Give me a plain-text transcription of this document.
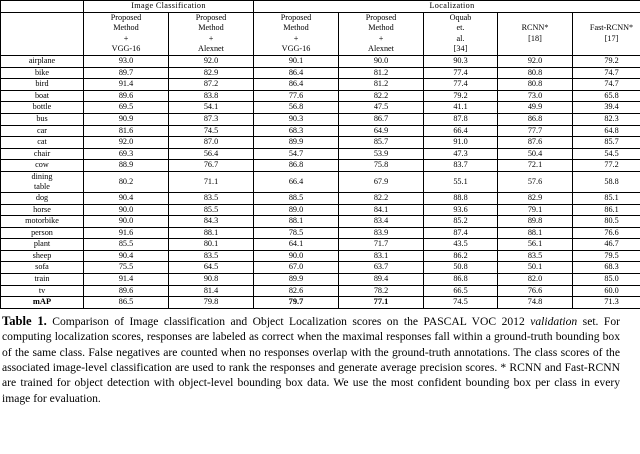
	Image Classification		Localization				

	Proposed
Method
+
VGG-16	Proposed
Method
+
Alexnet	Proposed
Method
+
VGG-16	Proposed
Method
+
Alexnet	Oquab
et.
al.
[34]	RCNN*
[18]	Fast-RCNN*
[17]

airplane	93.0	92.0	90.1	90.0	90.3	92.0	79.2
bike	89.7	82.9	86.4	81.2	77.4	80.8	74.7
bird	91.4	87.2	86.4	81.2	77.4	80.8	74.7
boat	89.6	83.8	77.6	82.2	79.2	73.0	65.8
bottle	69.5	54.1	56.8	47.5	41.1	49.9	39.4
bus	90.9	87.3	90.3	86.7	87.8	86.8	82.3
car	81.6	74.5	68.3	64.9	66.4	77.7	64.8
cat	92.0	87.0	89.9	85.7	91.0	87.6	85.7
chair	69.3	56.4	54.7	53.9	47.3	50.4	54.5
cow	88.9	76.7	86.8	75.8	83.7	72.1	77.2

dining
table	80.2	71.1	66.4	67.9	55.1	57.6	58.8
dog	90.4	83.5	88.5	82.2	88.8	82.9	85.1
horse	90.0	85.5	89.0	84.1	93.6	79.1	86.1
motorbike	90.0	84.3	88.1	83.4	85.2	89.8	80.5
person	91.6	88.1	78.5	83.9	87.4	88.1	76.6
plant	85.5	80.1	64.1	71.7	43.5	56.1	46.7
sheep	90.4	83.5	90.0	83.1	86.2	83.5	79.5
sofa	75.5	64.5	67.0	63.7	50.8	50.1	68.3
train	91.4	90.8	89.9	89.4	86.8	82.0	85.0
tv	89.6	81.4	82.6	78.2	66.5	76.6	60.0
mAP	86.5	79.8	79.7	77.1	74.5	74.8	71.3
Table 1. Comparison of Image classification and Object Localization scores on the PASCAL VOC 2012 validation set. For computing localization scores, responses are labeled as correct when the maximal responses fall within a ground-truth bounding box of the same class. False negatives are counted when no responses overlap with the ground-truth annotations. The class scores of the associated image-level classification are used to rank the responses and generate average precision scores. * RCNN and Fast-RCNN are trained for object detection with object-level bounding box data. We use the most confident bounding box per class in every image for evaluation.
